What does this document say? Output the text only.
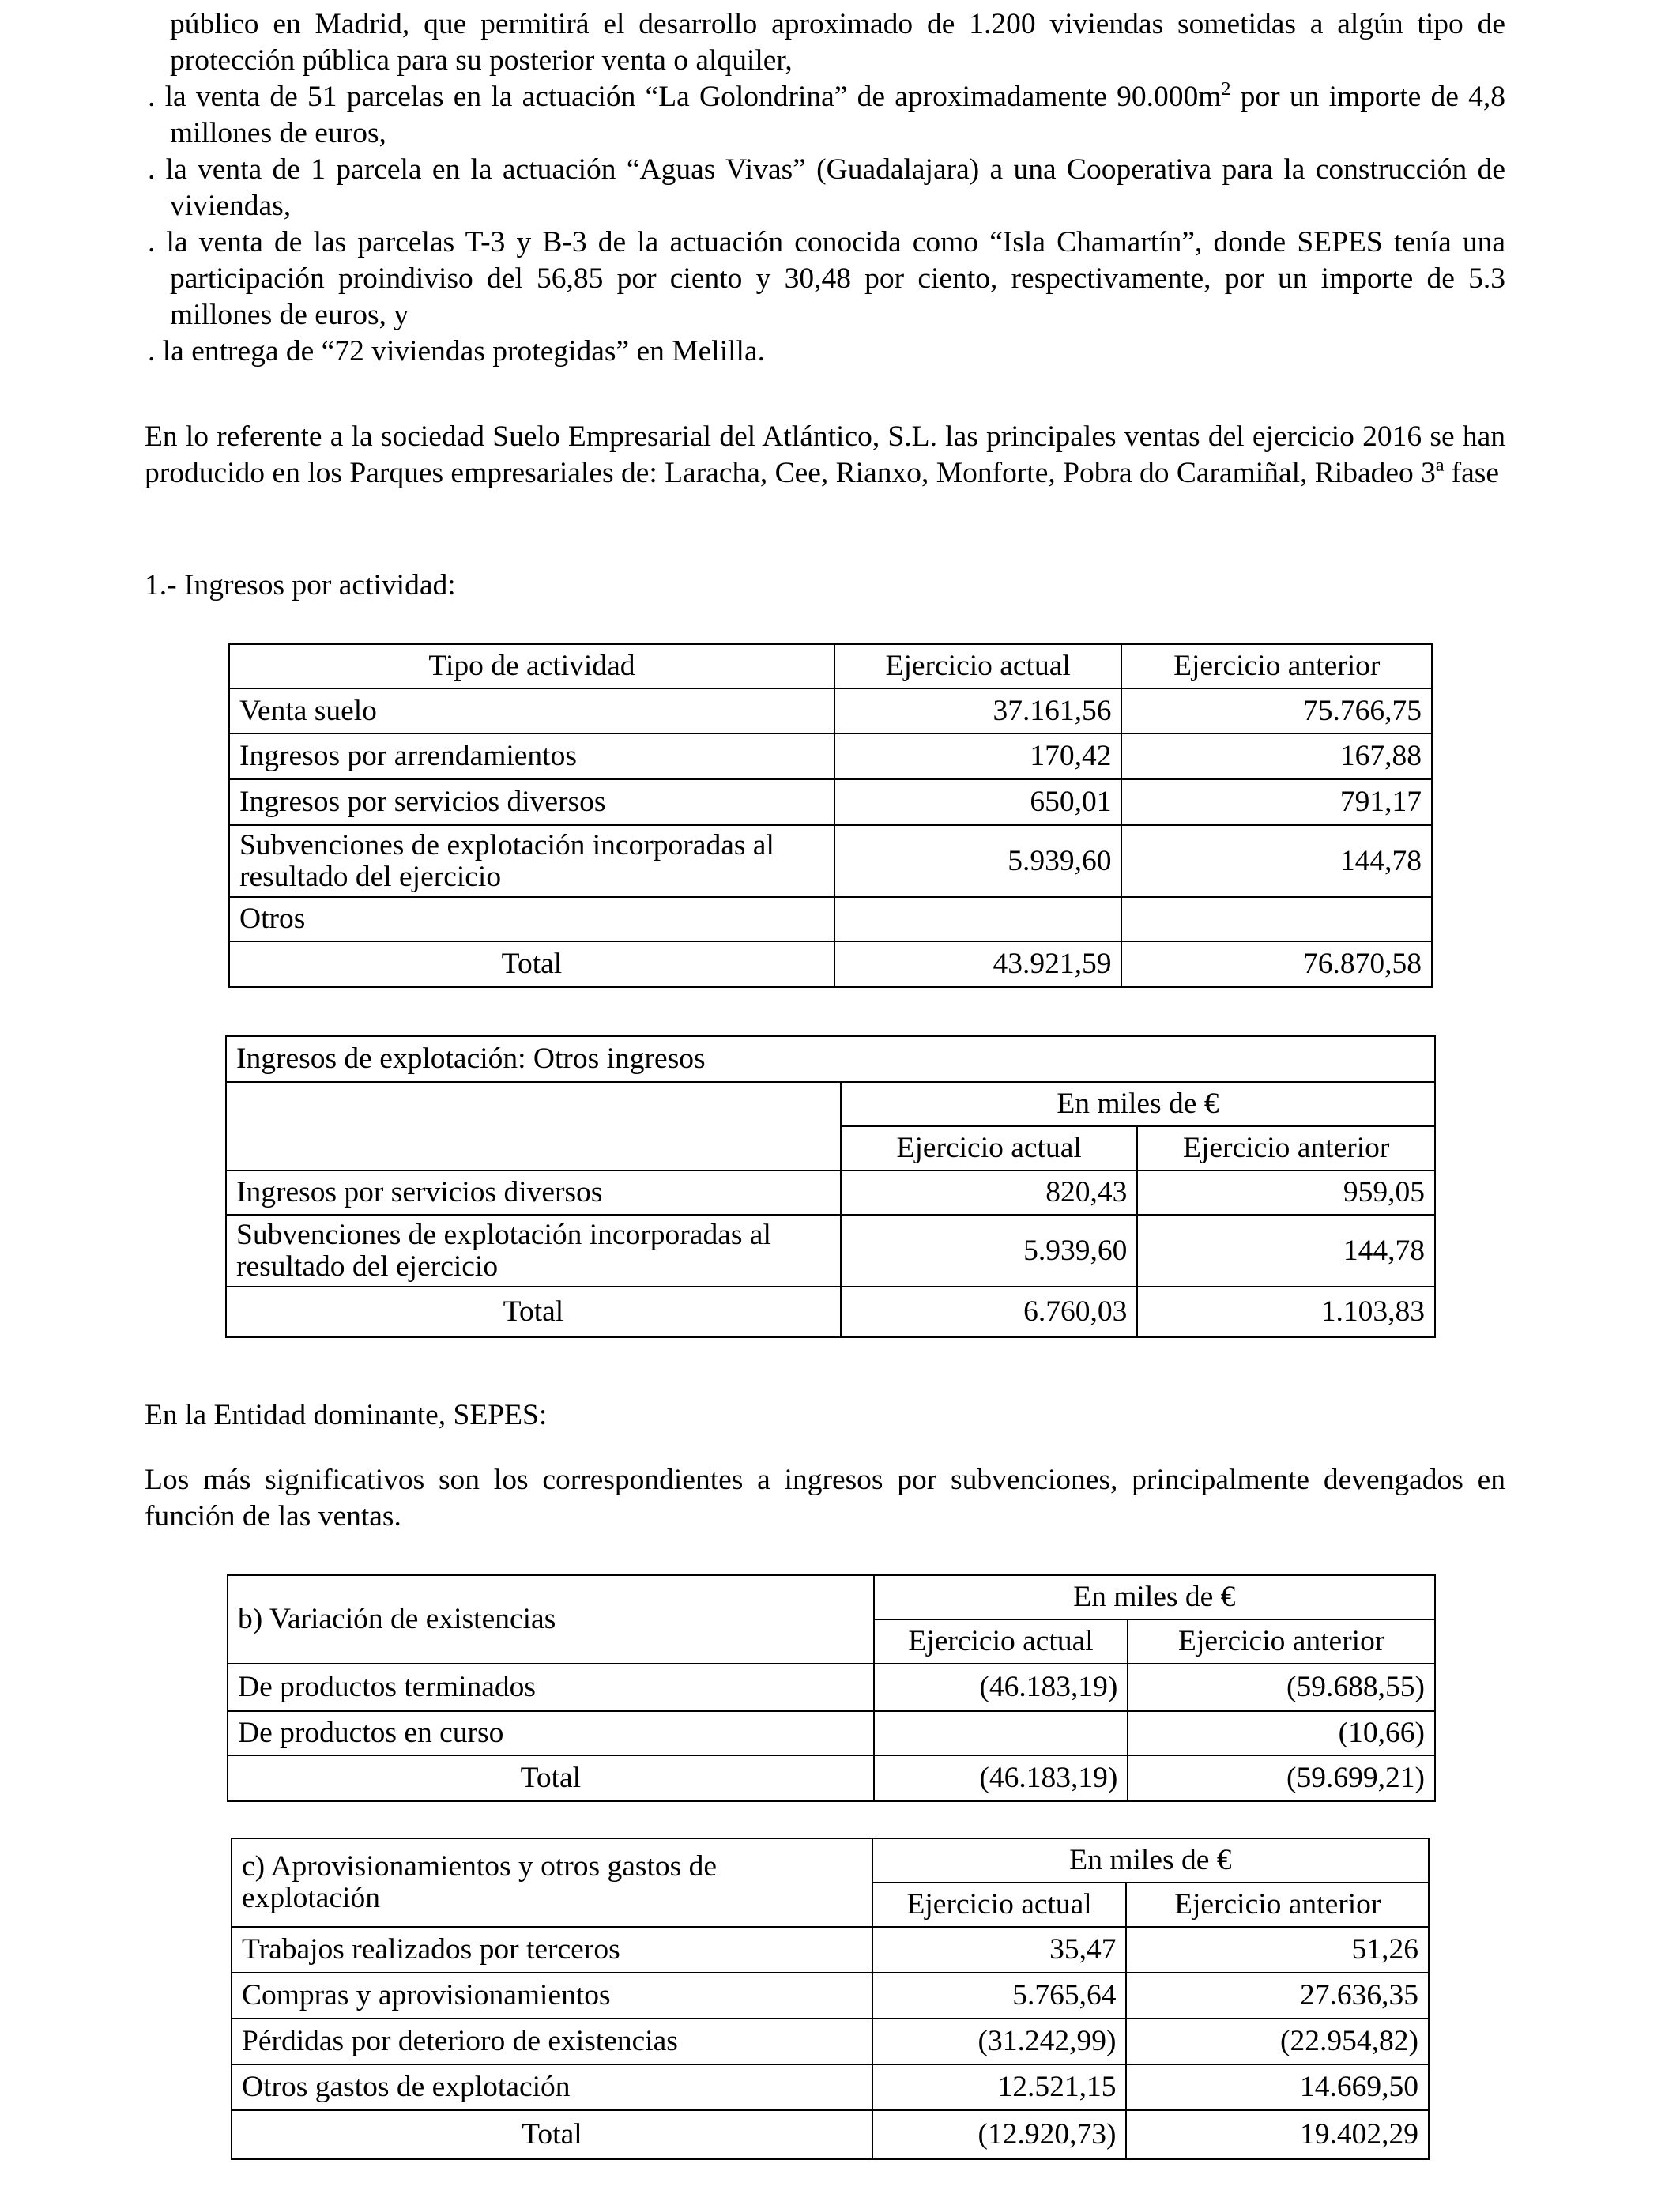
público en Madrid, que permitirá el desarrollo aproximado de 1.200 viviendas sometidas a algún tipo de protección pública para su posterior venta o alquiler,
. la venta de 51 parcelas en la actuación “La Golondrina” de aproximadamente $90.000m^2$ por un importe de 4,8 millones de euros,
. la venta de 1 parcela en la actuación “Aguas Vivas” (Guadalajara) a una Cooperativa para la construcción de viviendas,
. la venta de las parcelas T-3 y B-3 de la actuación conocida como “Isla Chamartín”, donde SEPES tenía una participación proindiviso del 56,85 por ciento y 30,48 por ciento, respectivamente, por un importe de 5.3 millones de euros, y
. la entrega de “72 viviendas protegidas” en Melilla.

En lo referente a la sociedad Suelo Empresarial del Atlántico, S.L. las principales ventas del ejercicio 2016 se han producido en los Parques empresariales de: Laracha, Cee, Rianxo, Monforte, Pobra do Caramiñal, Ribadeo 3ª fase

1.- Ingresos por actividad:

Tipo de actividad	Ejercicio actual	Ejercicio anterior
Venta suelo	37.161,56	75.766,75
Ingresos por arrendamientos	170,42	167,88
Ingresos por servicios diversos	650,01	791,17
Subvenciones de explotación incorporadas al resultado del ejercicio	5.939,60	144,78
Otros		
Total	43.921,59	76.870,58
Ingresos de explotación: Otros ingresos		
	En miles de €	
	Ejercicio actual	Ejercicio anterior
Ingresos por servicios diversos	820,43	959,05
Subvenciones de explotación incorporadas al resultado del ejercicio	5.939,60	144,78
Total	6.760,03	1.103,83

En la Entidad dominante, SEPES:

Los más significativos son los correspondientes a ingresos por subvenciones, principalmente devengados en función de las ventas.

b) Variación de existencias	En miles de €	
	Ejercicio actual	Ejercicio anterior
De productos terminados	(46.183,19)	(59.688,55)
De productos en curso		(10,66)
Total	(46.183,19)	(59.699,21)
c) Aprovisionamientos y otros gastos de explotación	En miles de €	
	Ejercicio actual	Ejercicio anterior
Trabajos realizados por terceros	35,47	51,26
Compras y aprovisionamientos	5.765,64	27.636,35
Pérdidas por deterioro de existencias	(31.242,99)	(22.954,82)
Otros gastos de explotación	12.521,15	14.669,50
Total	(12.920,73)	19.402,29
